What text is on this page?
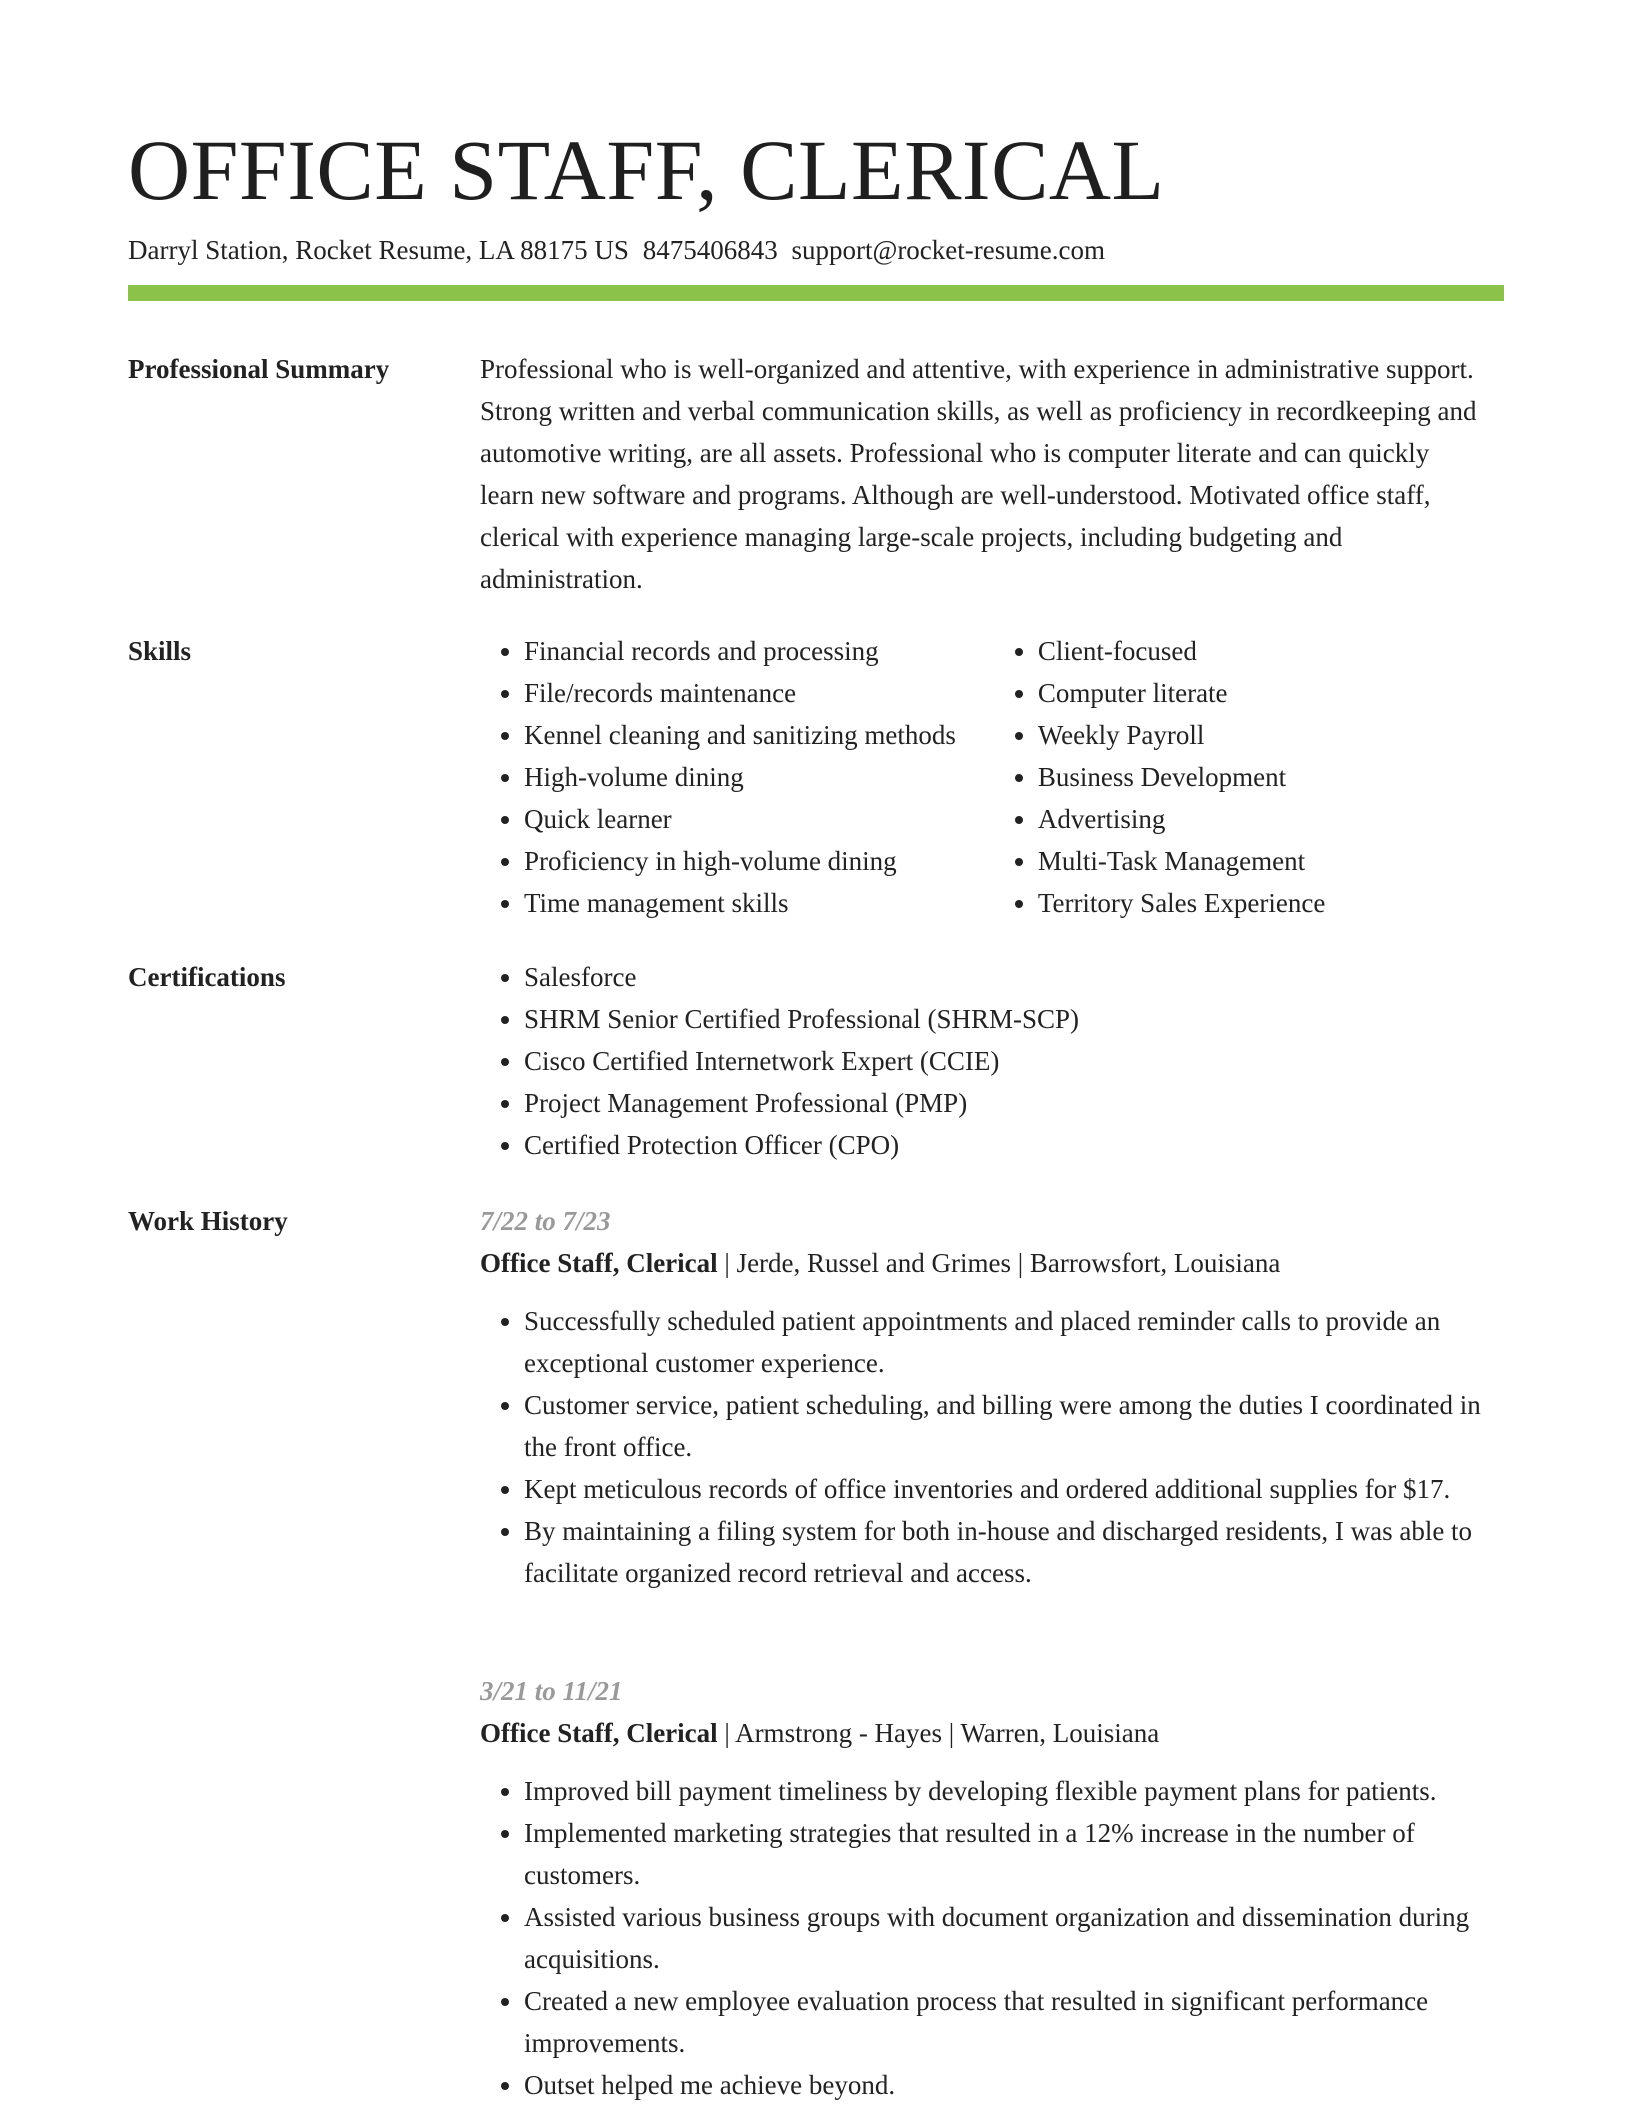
OFFICE STAFF, CLERICAL
Darryl Station, Rocket Resume, LA 88175 US 8475406843 support@rocket-resume.com
Professional Summary	Professional who is well-organized and attentive, with experience in administrative support. Strong written and verbal communication skills, as well as proficiency in recordkeeping and automotive writing, are all assets. Professional who is computer literate and can quickly learn new software and programs. Although are well-understood. Motivated office staff, clerical with experience managing large-scale projects, including budgeting and administration.

Skills	• Financial records and processing
• File/records maintenance
• Kennel cleaning and sanitizing methods
• High-volume dining
• Quick learner
• Proficiency in high-volume dining
• Time management skills
• Client-focused
• Computer literate
• Weekly Payroll
• Business Development
• Advertising
• Multi-Task Management
• Territory Sales Experience
Certifications	• Salesforce
• SHRM Senior Certified Professional (SHRM-SCP)
• Cisco Certified Internetwork Expert (CCIE)
• Project Management Professional (PMP)
• Certified Protection Officer (CPO)
Work History	7/22 to 7/23
Office Staff, Clerical | Jerde, Russel and Grimes | Barrowsfort, Louisiana
• Successfully scheduled patient appointments and placed reminder calls to provide an exceptional customer experience.
• Customer service, patient scheduling, and billing were among the duties I coordinated in the front office.
• Kept meticulous records of office inventories and ordered additional supplies for $17.
• By maintaining a filing system for both in-house and discharged residents, I was able to facilitate organized record retrieval and access.
3/21 to 11/21
Office Staff, Clerical | Armstrong - Hayes | Warren, Louisiana
• Improved bill payment timeliness by developing flexible payment plans for patients.
• Implemented marketing strategies that resulted in a 12% increase in the number of customers.
• Assisted various business groups with document organization and dissemination during acquisitions.
• Created a new employee evaluation process that resulted in significant performance improvements.
• Outset helped me achieve beyond.
